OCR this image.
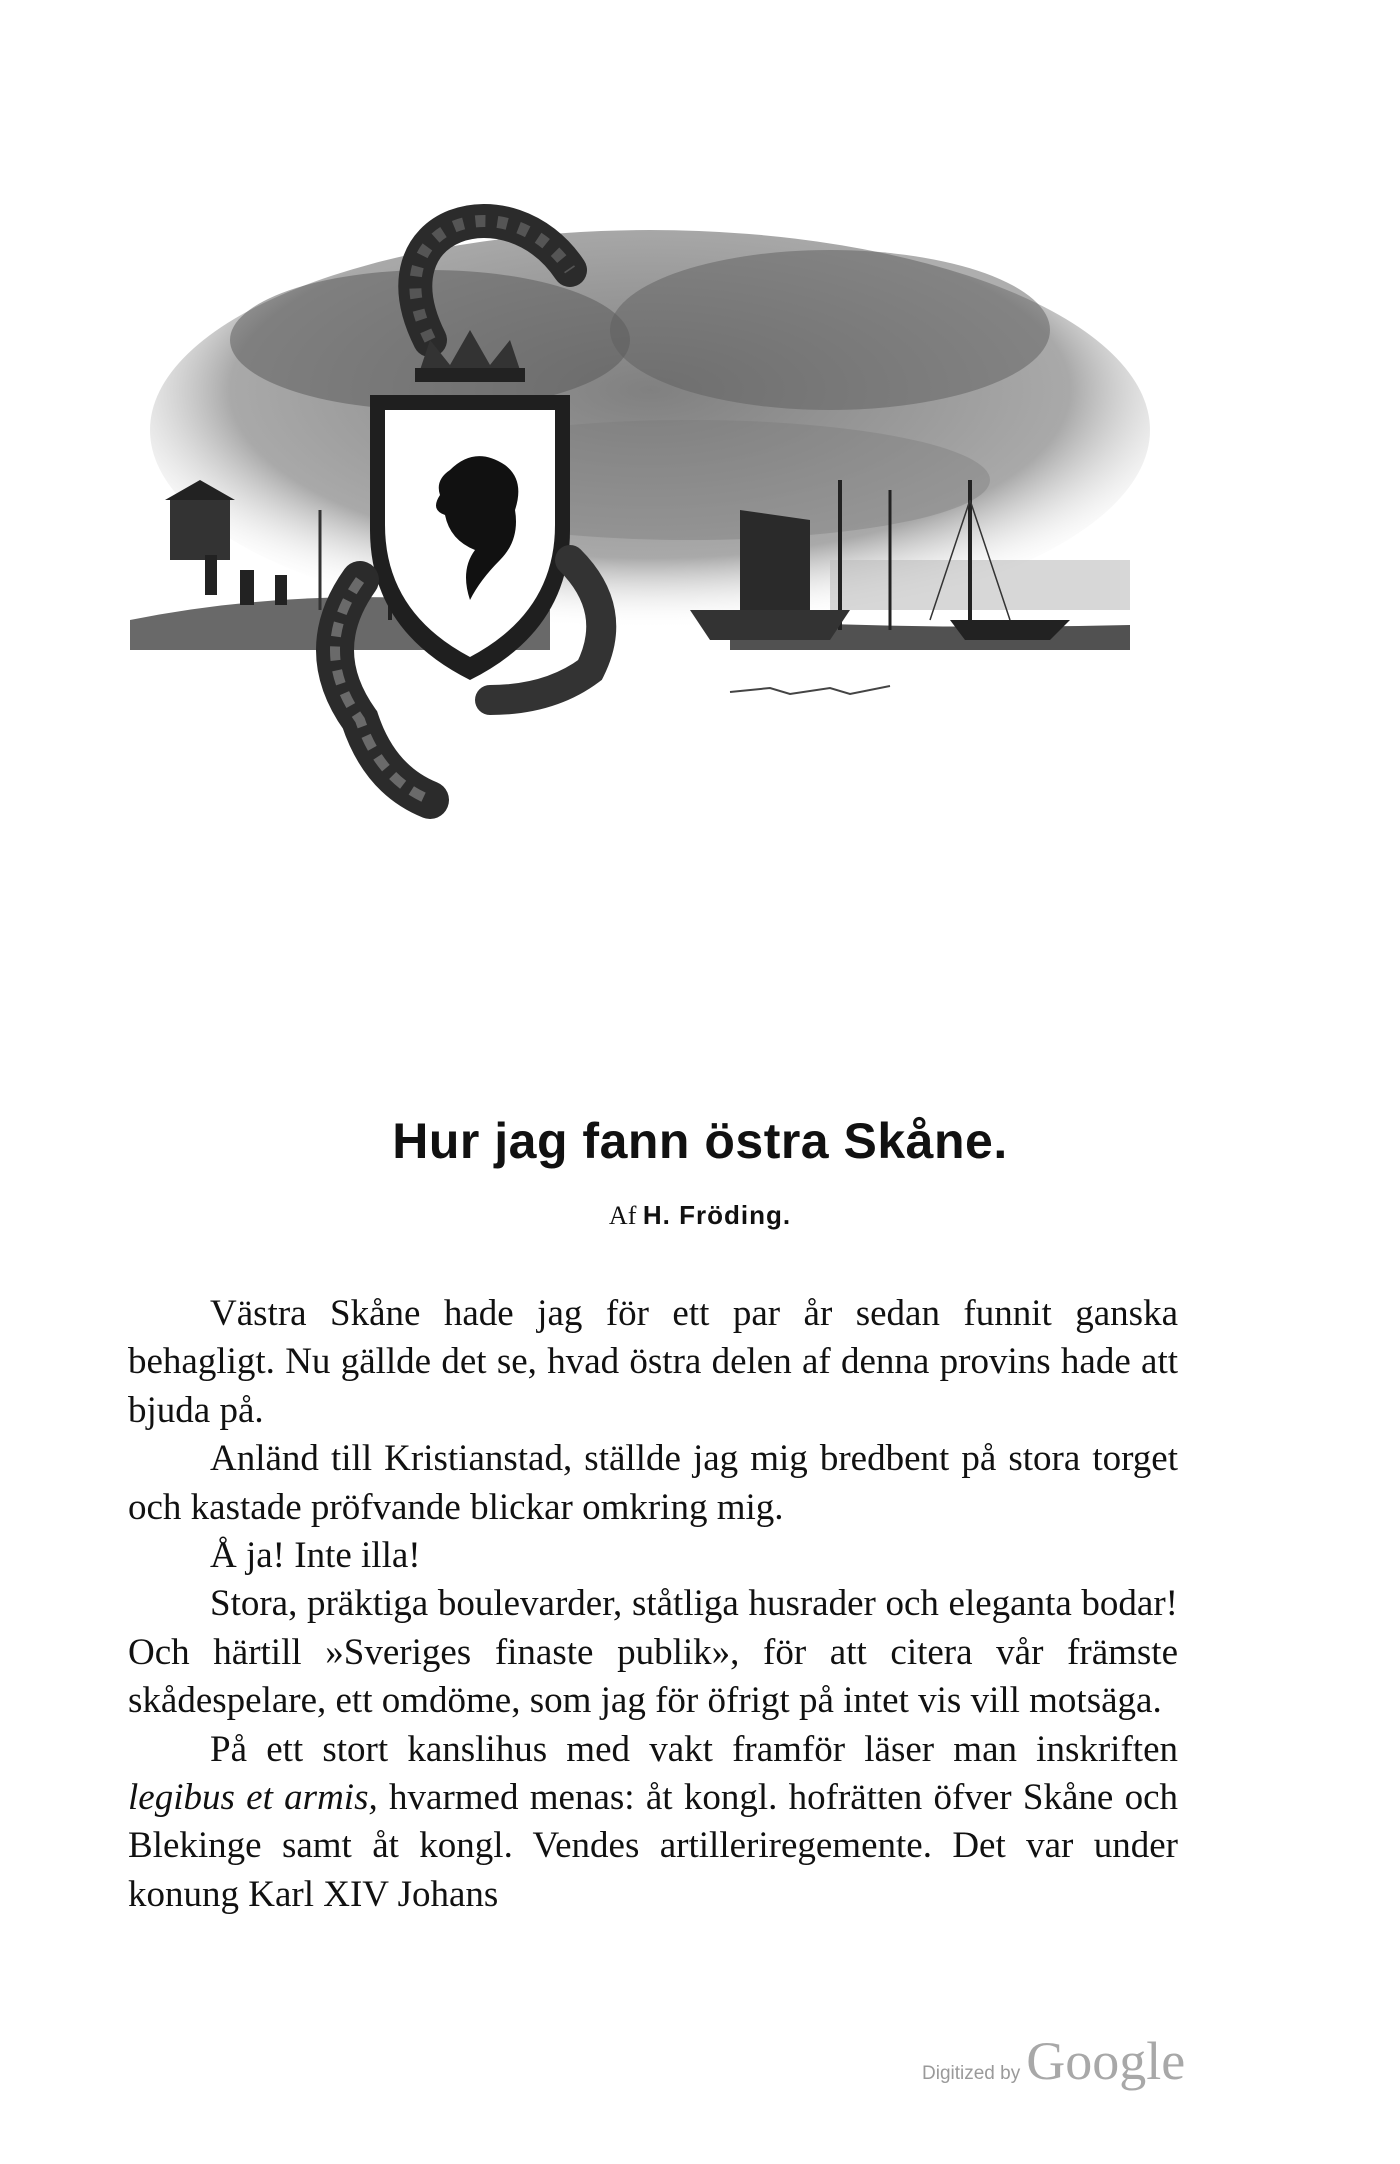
Hur jag fann östra Skåne.
Af H. Fröding.

Västra Skåne hade jag för ett par år sedan funnit ganska behagligt. Nu gällde det se, hvad östra delen af denna provins hade att bjuda på.

Anländ till Kristianstad, ställde jag mig bredbent på stora torget och kastade pröfvande blickar omkring mig.

Å ja! Inte illa!

Stora, präktiga boulevarder, ståtliga husrader och eleganta bodar! Och härtill »Sveriges finaste publik», för att citera vår främste skådespelare, ett omdöme, som jag för öfrigt på intet vis vill motsäga.

På ett stort kanslihus med vakt framför läser man inskriften legibus et armis, hvarmed menas: åt kongl. hofrätten öfver Skåne och Blekinge samt åt kongl. Vendes artilleriregemente. Det var under konung Karl XIV Johans

Digitized by Google
